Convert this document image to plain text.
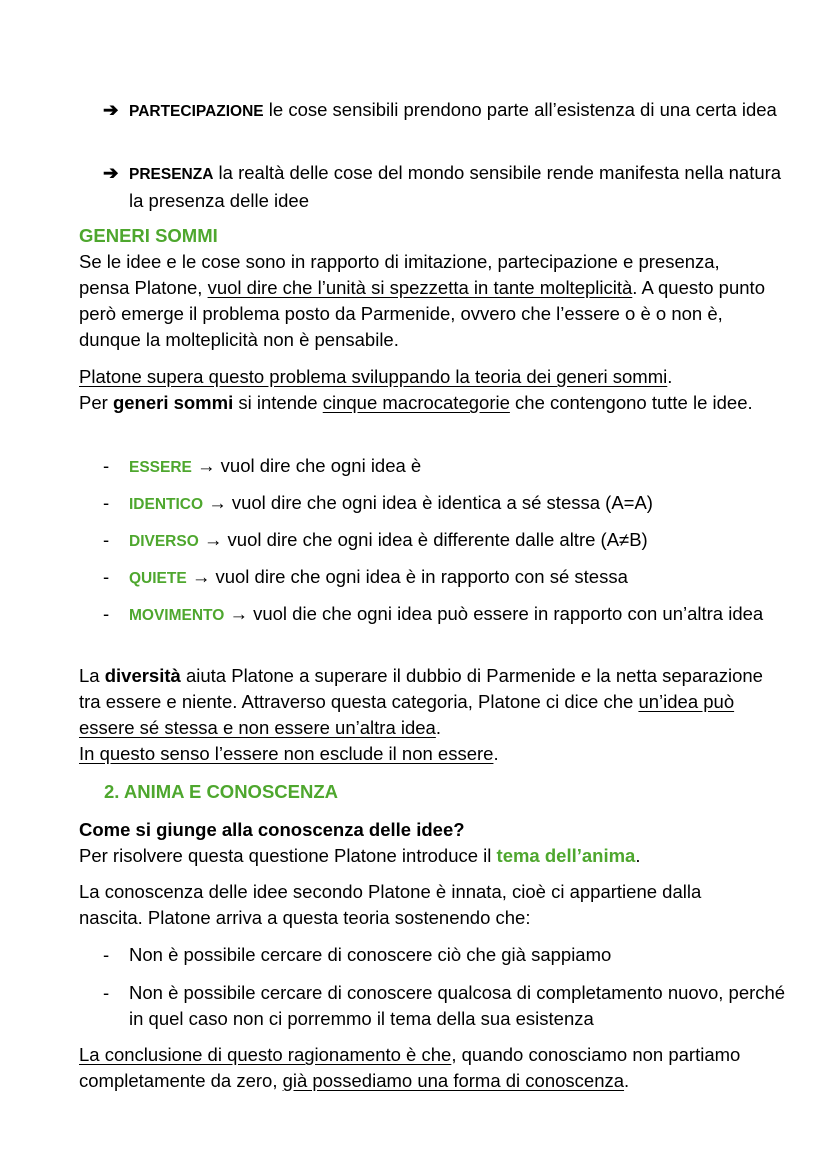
➔ PARTECIPAZIONE le cose sensibili prendono parte all’esistenza di una certa idea
➔ PRESENZA la realtà delle cose del mondo sensibile rende manifesta nella natura la presenza delle idee
GENERI SOMMI
Se le idee e le cose sono in rapporto di imitazione, partecipazione e presenza, pensa Platone, vuol dire che l’unità si spezzetta in tante molteplicità. A questo punto però emerge il problema posto da Parmenide, ovvero che l’essere o è o non è, dunque la molteplicità non è pensabile.
Platone supera questo problema sviluppando la teoria dei generi sommi.
Per generi sommi si intende cinque macrocategorie che contengono tutte le idee.
- ESSERE → vuol dire che ogni idea è
- IDENTICO → vuol dire che ogni idea è identica a sé stessa (A=A)
- DIVERSO → vuol dire che ogni idea è differente dalle altre (A≠B)
- QUIETE → vuol dire che ogni idea è in rapporto con sé stessa
- MOVIMENTO → vuol die che ogni idea può essere in rapporto con un’altra idea
La diversità aiuta Platone a superare il dubbio di Parmenide e la netta separazione tra essere e niente. Attraverso questa categoria, Platone ci dice che un’idea può essere sé stessa e non essere un’altra idea.
In questo senso l’essere non esclude il non essere.
2. ANIMA E CONOSCENZA
Come si giunge alla conoscenza delle idee?
Per risolvere questa questione Platone introduce il tema dell’anima.
La conoscenza delle idee secondo Platone è innata, cioè ci appartiene dalla nascita. Platone arriva a questa teoria sostenendo che:
- Non è possibile cercare di conoscere ciò che già sappiamo
- Non è possibile cercare di conoscere qualcosa di completamento nuovo, perché in quel caso non ci porremmo il tema della sua esistenza
La conclusione di questo ragionamento è che, quando conosciamo non partiamo completamente da zero, già possediamo una forma di conoscenza.
